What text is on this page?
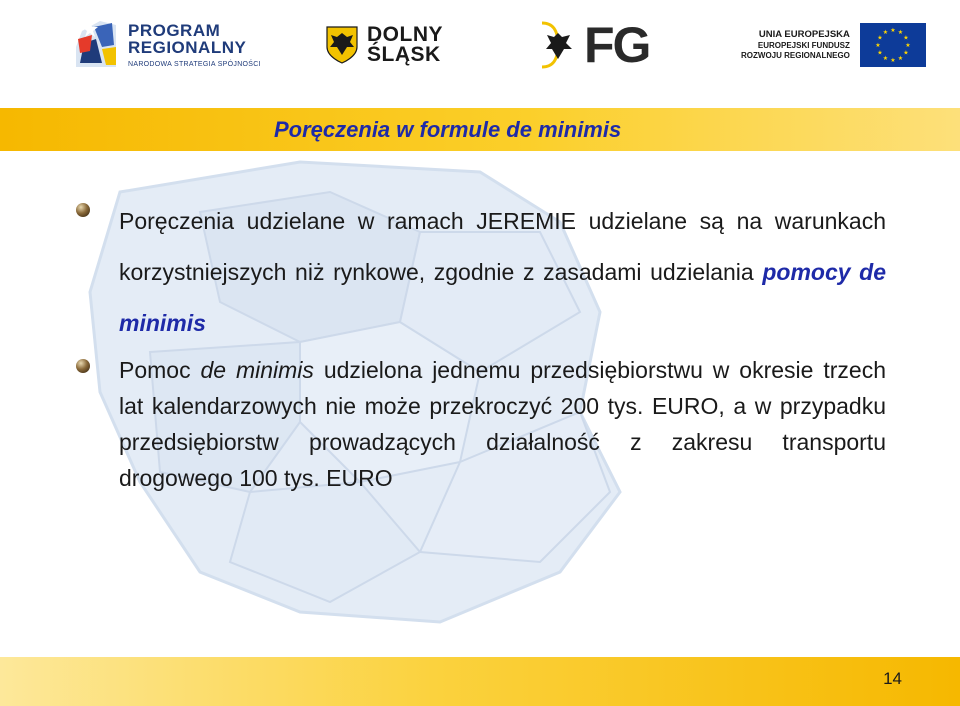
PROGRAM
REGIONALNY
NARODOWA STRATEGIA SPÓJNOŚCI
DOLNY
ŚLĄSK	FG	UNIA EUROPEJSKA
EUROPEJSKI FUNDUSZ
ROZWOJU REGIONALNEGO
★ ★
★
★
★
★
★
★
★
★
★
★
Poręczenia w formule de minimis

Poręczenia udzielane w ramach JEREMIE udzielane są na warunkach korzystniejszych niż rynkowe, zgodnie z zasadami udzielania pomocy de minimis

Pomoc de minimis udzielona jednemu przedsiębiorstwu w okresie trzech lat kalendarzowych nie może przekroczyć 200 tys. EURO, a w przypadku przedsiębiorstw prowadzących działalność z zakresu transportu drogowego 100 tys. EURO

14
